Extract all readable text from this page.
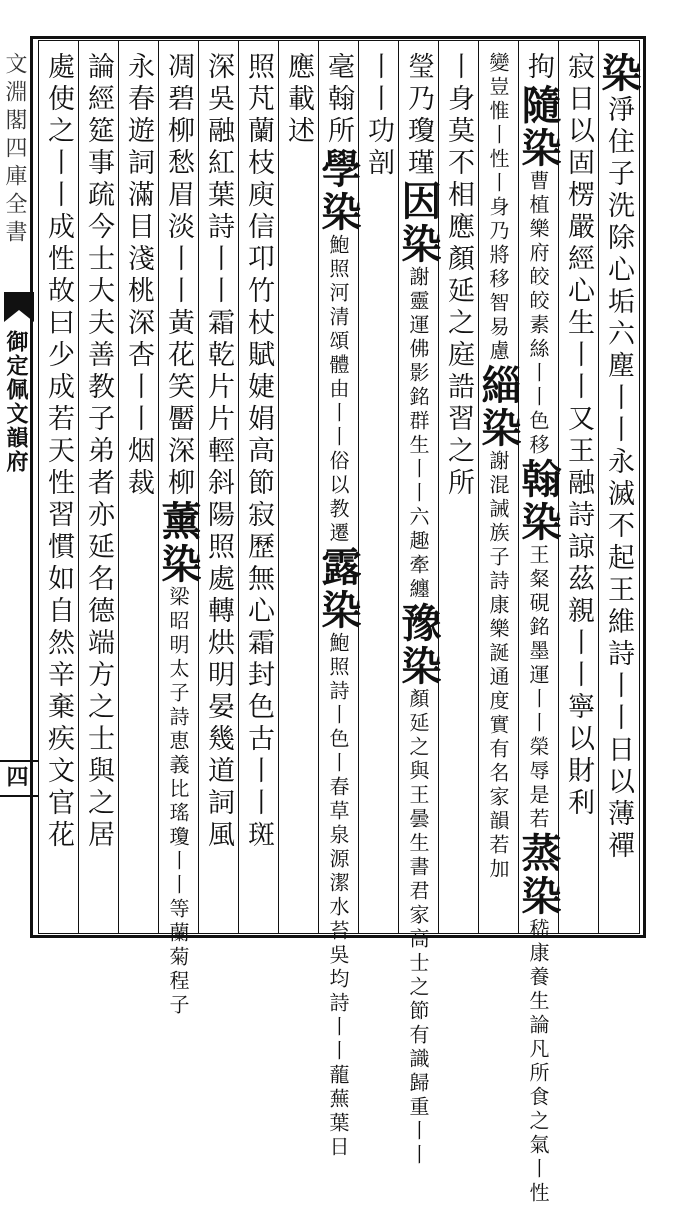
文淵閣四庫全書
御定佩文韻府
四
染淨住子洗除心垢六塵丨丨永滅不起王維詩丨丨日以薄禪
寂日以固楞嚴經心生丨丨又王融詩諒茲親丨丨寧以財利
拘隨染曹植樂府皎皎素絲丨丨色移翰染王粲硯銘墨運丨丨榮辱是若蒸染嵇康養生論凡所食之氣丨性
變豈惟丨性丨身乃將移智易慮緇染謝混誡族子詩康樂誕通度實有名家韻若加
丨身莫不相應顏延之庭誥習之所
瑩乃瓊瑾因染謝靈運佛影銘群生丨丨六趣牽纏豫染顏延之與王曇生書君家高士之節有識歸重丨丨
丨丨功剖
毫翰所學染鮑照河清頌體由丨丨俗以教遷露染鮑照詩丨色丨春草泉源潔水苔吳均詩丨丨蘢蕪葉日
應載述
照芃蘭枝庾信卭竹杖賦婕娟高節寂歷無心霜封色古丨丨斑
深吳融紅葉詩丨丨霜乾片片輕斜陽照處轉烘明晏幾道詞風
凋碧柳愁眉淡丨丨黃花笑靨深柳薰染梁昭明太子詩恵義比瑤瓊丨丨等蘭菊程子
永春遊詞滿目淺桃深杏丨丨烟裁
論經筵事疏今士大夫善教子弟者亦延名德端方之士與之居
處使之丨丨成性故曰少成若天性習慣如自然辛棄疾文官花
